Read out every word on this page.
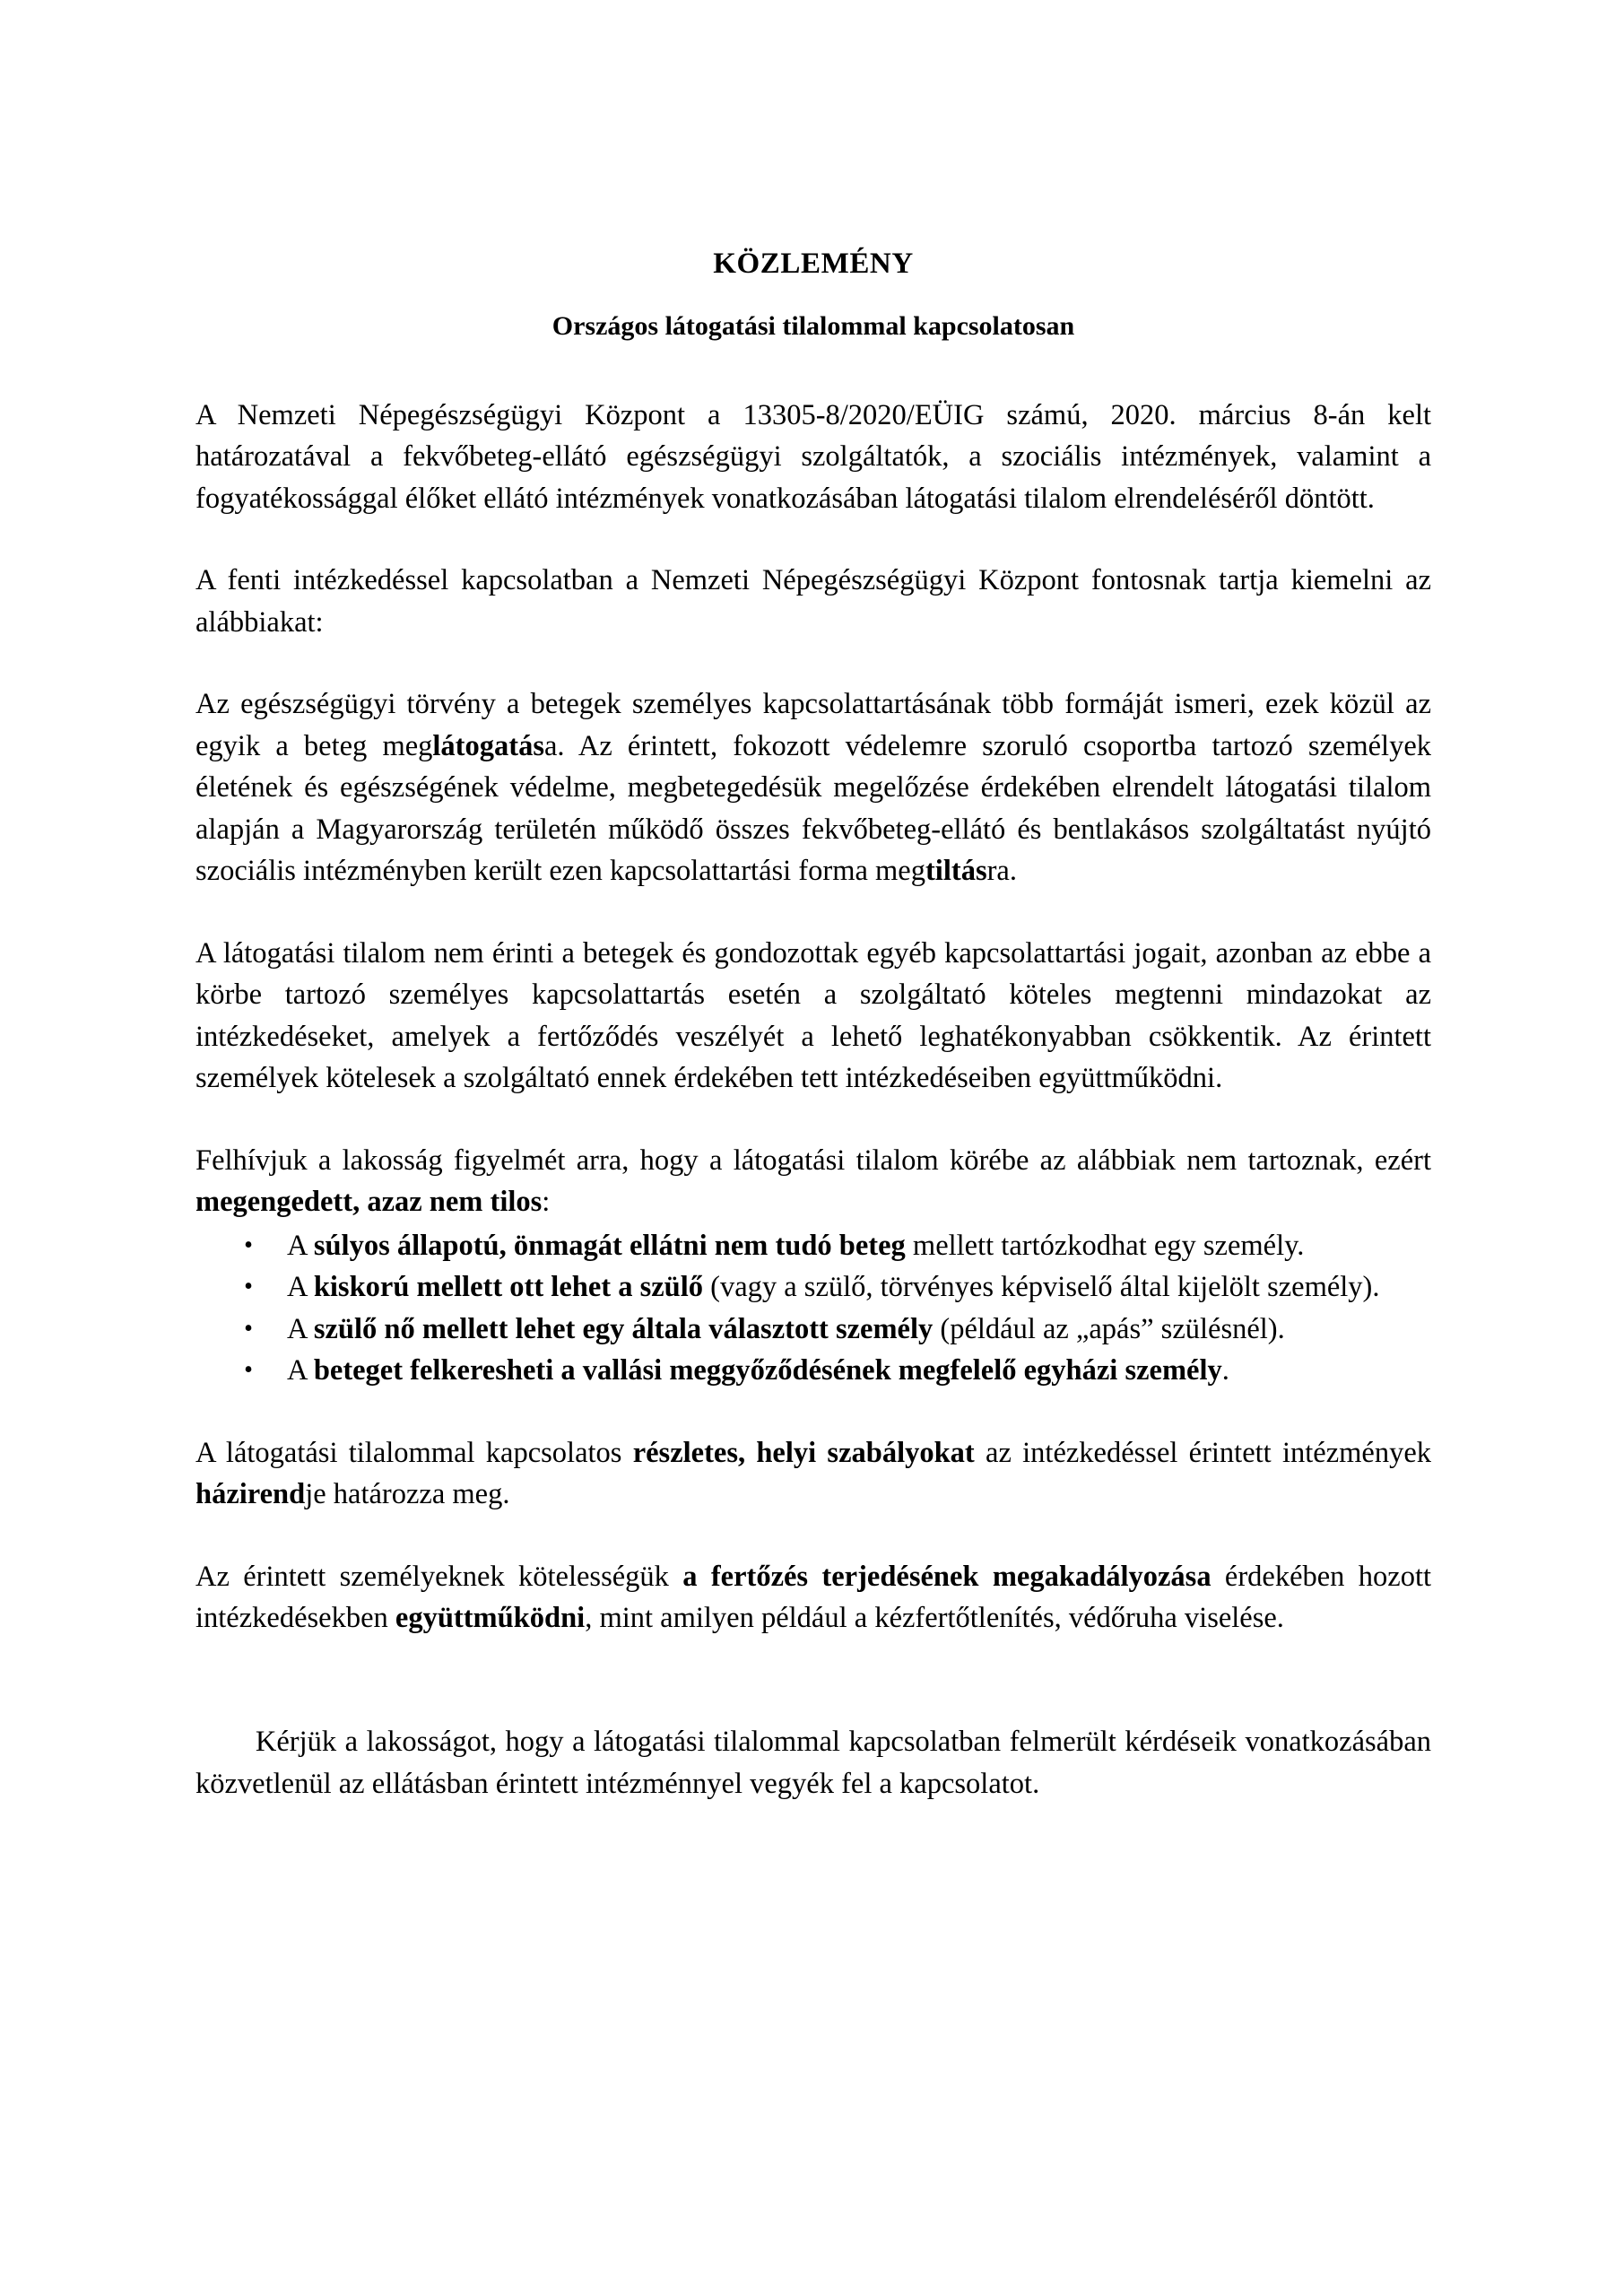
KÖZLEMÉNY
Országos látogatási tilalommal kapcsolatosan

A Nemzeti Népegészségügyi Központ a 13305-8/2020/EÜIG számú, 2020. március 8-án kelt határozatával a fekvőbeteg-ellátó egészségügyi szolgáltatók, a szociális intézmények, valamint a fogyatékossággal élőket ellátó intézmények vonatkozásában látogatási tilalom elrendeléséről döntött.

A fenti intézkedéssel kapcsolatban a Nemzeti Népegészségügyi Központ fontosnak tartja kiemelni az alábbiakat:

Az egészségügyi törvény a betegek személyes kapcsolattartásának több formáját ismeri, ezek közül az egyik a beteg meglátogatása. Az érintett, fokozott védelemre szoruló csoportba tartozó személyek életének és egészségének védelme, megbetegedésük megelőzése érdekében elrendelt látogatási tilalom alapján a Magyarország területén működő összes fekvőbeteg-ellátó és bentlakásos szolgáltatást nyújtó szociális intézményben került ezen kapcsolattartási forma megtiltásra.

A látogatási tilalom nem érinti a betegek és gondozottak egyéb kapcsolattartási jogait, azonban az ebbe a körbe tartozó személyes kapcsolattartás esetén a szolgáltató köteles megtenni mindazokat az intézkedéseket, amelyek a fertőződés veszélyét a lehető leghatékonyabban csökkentik. Az érintett személyek kötelesek a szolgáltató ennek érdekében tett intézkedéseiben együttműködni.

Felhívjuk a lakosság figyelmét arra, hogy a látogatási tilalom körébe az alábbiak nem tartoznak, ezért megengedett, azaz nem tilos:

• A súlyos állapotú, önmagát ellátni nem tudó beteg mellett tartózkodhat egy személy.
• A kiskorú mellett ott lehet a szülő (vagy a szülő, törvényes képviselő által kijelölt személy).
• A szülő nő mellett lehet egy általa választott személy (például az „apás” szülésnél).
• A beteget felkeresheti a vallási meggyőződésének megfelelő egyházi személy.

A látogatási tilalommal kapcsolatos részletes, helyi szabályokat az intézkedéssel érintett intézmények házirendje határozza meg.

Az érintett személyeknek kötelességük a fertőzés terjedésének megakadályozása érdekében hozott intézkedésekben együttműködni, mint amilyen például a kézfertőtlenítés, védőruha viselése.

Kérjük a lakosságot, hogy a látogatási tilalommal kapcsolatban felmerült kérdéseik vonatkozásában közvetlenül az ellátásban érintett intézménnyel vegyék fel a kapcsolatot.
